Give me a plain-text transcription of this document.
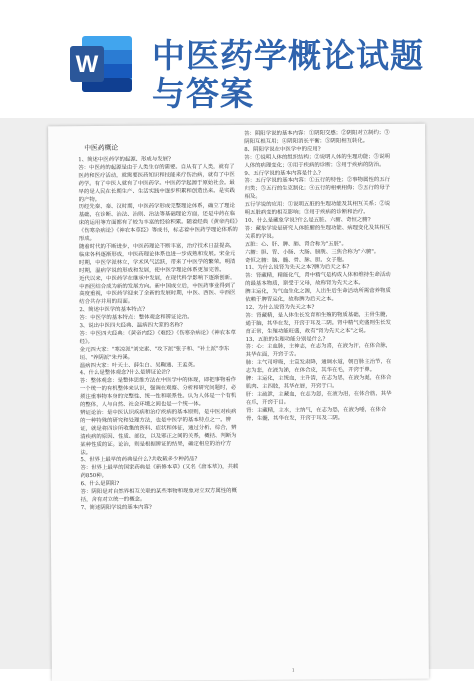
W 中医药学概论试题
与答案
中医药概论

1、简述中医药学的起源、形成与发展?

答：中医药的起源是由于人类生存的需要。自从有了人类，就有了医药和医疗活动，就需要医药知识和技能来疗伤治病，就有了中医药学。有了中医人就有了中医药学。中医药学起源于原始社会。最早的是人民在长期生产、生活实践中逐步积累和创造出来。是实践的产物。

历经先秦、秦、汉时期，中医药学形成完整理论体系，确立了理论基础，在诊断、治法、治则、治法等基础理论方面，还是中药在临床的运用等方面都有了较为丰富的经验积累。随着经典《黄帝内经》《伤寒杂病论》《神农本草经》等成书，标志着中医药学理论体系的形成。

随着时代的不断进步，中医药理论不断丰富，治疗技术日益提高，临床各科逐渐形成，中医药理论体系也进一步成熟和发展。宋金元时期，中医学派林立，学术风气活跃，带来了中医学的繁荣。明清时期，温病学说的形成和发展，使中医学理论体系更加完善。

近代以来，中医药学在继承中发展，在现代科学影响下逐渐创新，中西医结合成为新的发展方向。新中国成立后，中医药事业得到了高度重视，中医药学迎来了全新的发展时期，中医、西医、中西医结合共存并用的局面。

2、简述中医学的基本特点?

答：中医学的基本特点：整体观念和辨证论治。

3、说出中医四大经典、温病四大家的名称?

答：中医四大经典：《黄帝内经》《难经》《伤寒杂病论》《神农本草经》。

金元四大家："寒凉派"刘完素、"攻下派"张子和、"补土派"李东垣、"养阴派"朱丹溪。

温病四大家：叶天士、薛生白、吴鞠通、王孟英。

4、什么是整体观念?什么是辨证论治?

答：整体观念：是整体思维方法在中医学中的体现，即把事物看作一个统一的有机整体来认识，强调在观察、分析和研究问题时，必须注重事物本身的完整性、统一性和联系性。认为人体是一个有机的整体，人与自然、社会环境之间也是一个统一体。

辨证论治：是中医认识疾病和治疗疾病的基本原则，是中医对疾病的一种特殊的研究和处理方法，也是中医学的基本特点之一。辨证，就是将四诊所收集的资料、症状和体征，通过分析、综合，辨清疾病的原因、性质、部位，以及邪正之间的关系，概括、判断为某种性质的证。论治，则是根据辨证的结果，确定相应的治疗方法。

5、世界上最早的药典是什么?共收载多少种药品?

答：世界上最早的国家药典是《新修本草》(又名《唐本草》)，共载药850种。

6、什么是阴阳?

答：阴阳是对自然界相互关联的某些事物和现象对立双方属性的概括，含有对立统一的概念。

7、简述阴阳学说的基本内容?

答：阴阳学说的基本内容：①阴阳交感；②阴阳对立制约；③阴阳互根互用；④阴阳消长平衡；⑤阴阳相互转化。

8、阴阳学说在中医学中的应用?

答：①说明人体的组织结构；②说明人体的生理功能；③说明人体的病理变化；④用于疾病的诊断；⑤用于疾病的防治。

9、五行学说的基本内容是什么?

答：五行学说的基本内容：①五行的特性；②事物属性的五行归类；③五行的生克制化；④五行的相乘相侮；⑤五行的母子相及。

五行学说的应用：①说明五脏的生理功能及其相互关系；②说明五脏病变的相互影响；③用于疾病的诊断和治疗。

10、什么是藏象学说?什么是五脏、六腑、奇恒之腑?

答：藏象学说是研究人体脏腑的生理功能、病理变化及其相互关系的学说。

五脏：心、肝、脾、肺、肾合称为"五脏"。

六腑：胆、胃、小肠、大肠、膀胱、三焦合称为"六腑"。

奇恒之腑：脑、髓、骨、脉、胆、女子胞。

11、为什么说肾为先天之本?脾为后天之本?

答：肾藏精，精能化气，肾中精气是构成人体和维持生命活动的最基本物质，禀受于父母，故称肾为先天之本。

脾主运化，为气血生化之源，人出生后生命活动所需营养物质依赖于脾胃运化，故称脾为后天之本。

12、为什么说肾为先天之本?

答：肾藏精，是人体生长发育和生殖的物质基础，主骨生髓，通于脑，其华在发，开窍于耳及二阴。肾中精气充盛则生长发育正常，生殖功能旺盛，故有"肾为先天之本"之说。

13、五脏的生理功能分别是什么?

答：心：主血脉，主神志，在志为喜，在液为汗，在体合脉，其华在面，开窍于舌。

肺：主气司呼吸，主宣发肃降，通调水道，朝百脉主治节，在志为悲，在液为涕，在体合皮，其华在毛，开窍于鼻。

脾：主运化，主统血，主升清，在志为思，在液为涎，在体合肌肉、主四肢，其华在唇，开窍于口。

肝：主疏泄，主藏血，在志为怒，在液为泪，在体合筋，其华在爪，开窍于目。

肾：主藏精，主水，主纳气，在志为恐，在液为唾，在体合骨，生髓，其华在发，开窍于耳及二阴。

1
